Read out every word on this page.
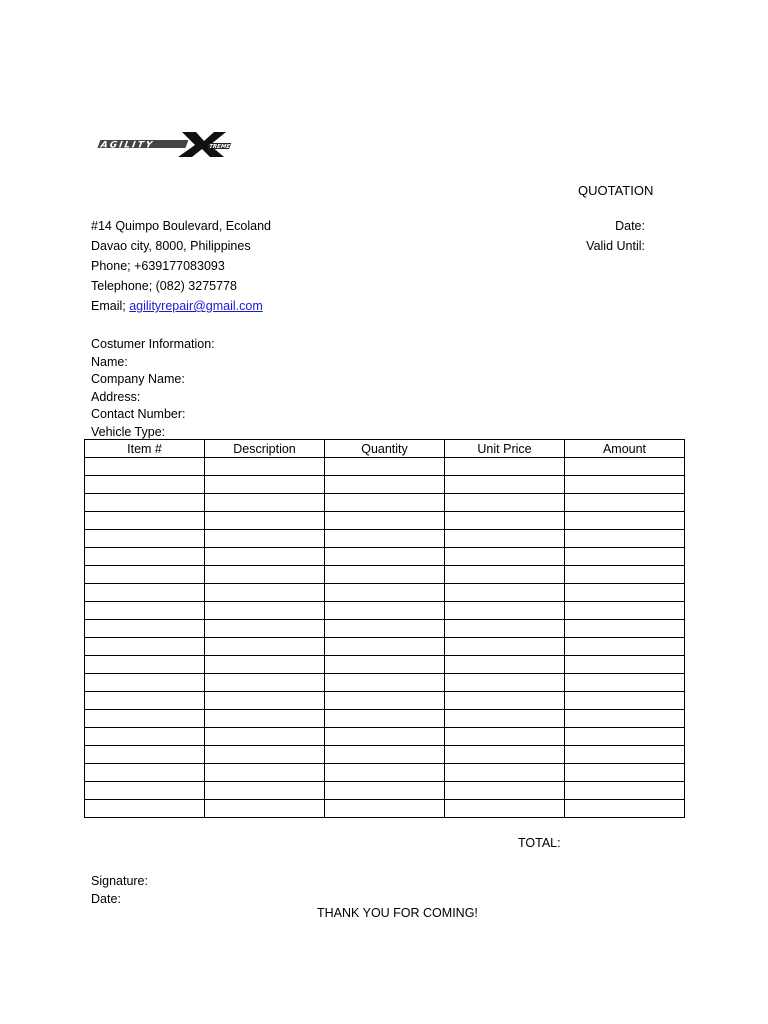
AGILITY	TREME
QUOTATION
#14 Quimpo Boulevard, Ecoland
Davao city, 8000, Philippines
Phone; +639177083093
Telephone; (082) 3275778
Email; agilityrepair@gmail.com
Date:
Valid Until:
Costumer Information:
Name:
Company Name:
Address:
Contact Number:
Vehicle Type:
Item #	Description	Quantity	Unit Price	Amount

TOTAL:
Signature:
Date:
THANK YOU FOR COMING!
